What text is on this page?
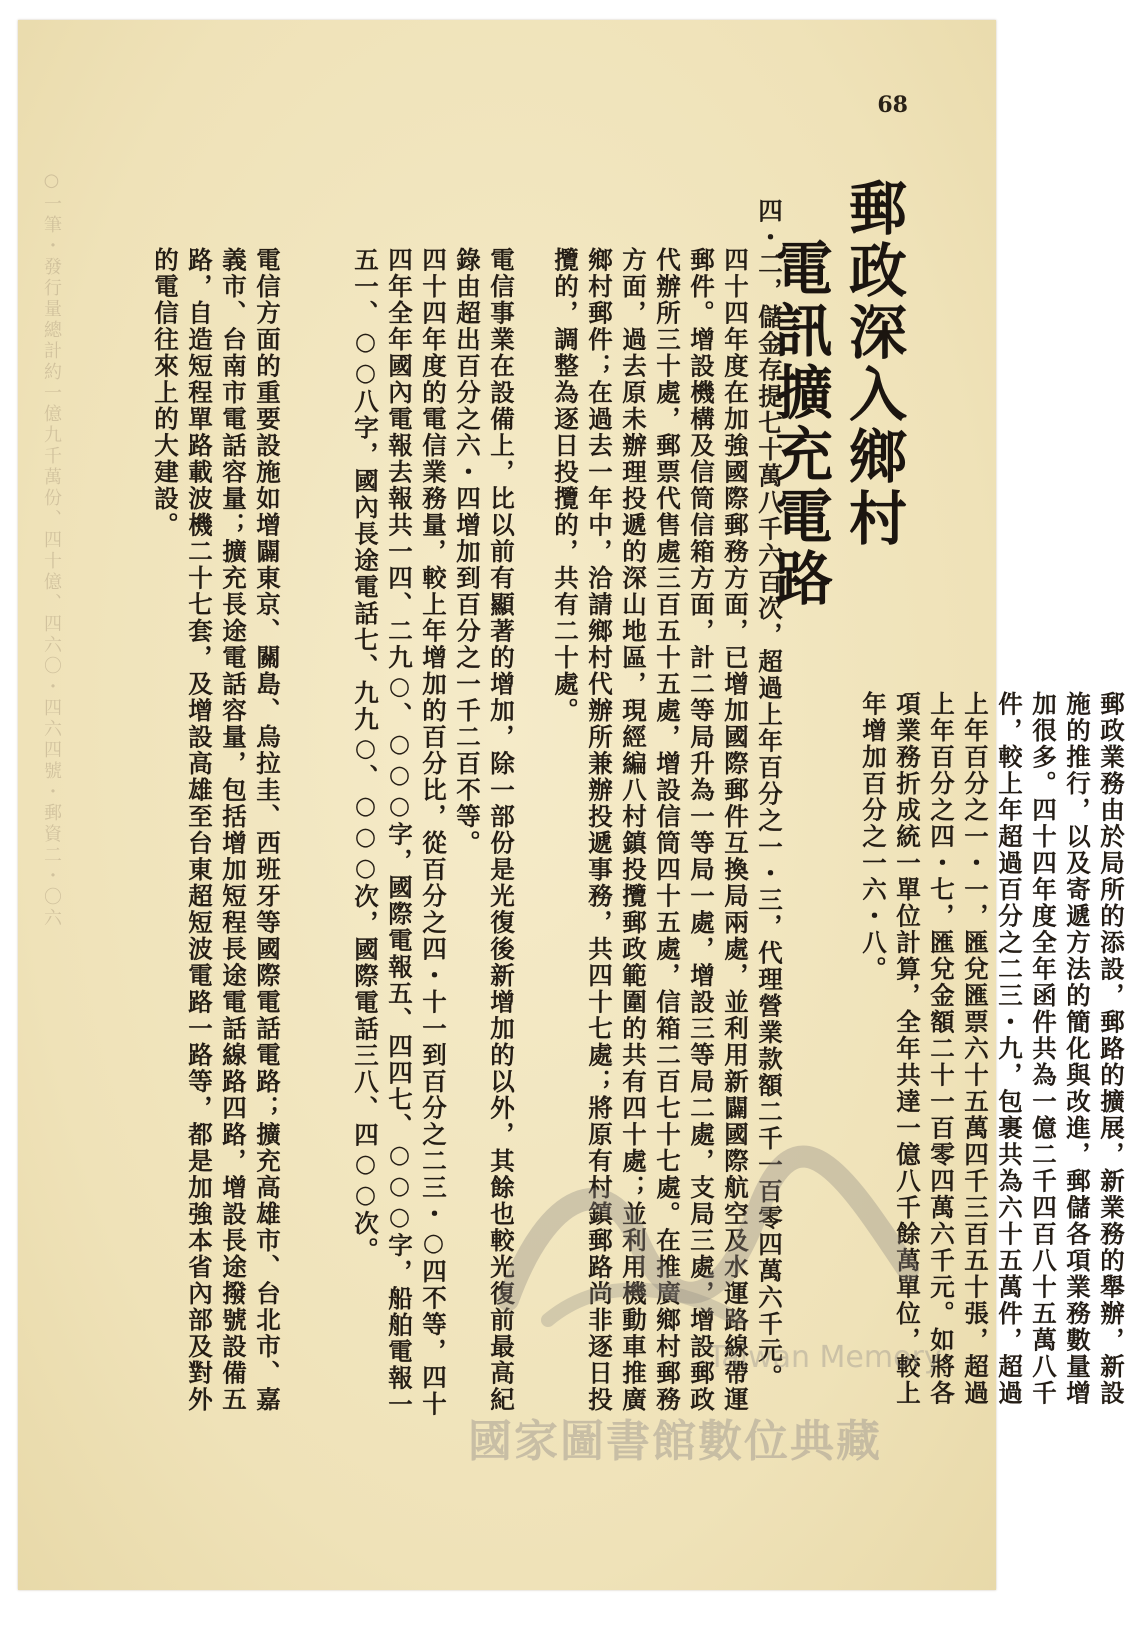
68
郵政深入鄉村
電訊擴充電路
郵政業務由於局所的添設，郵路的擴展，新業務的舉辦，新設施的推行，以及寄遞方法的簡化與改進，郵儲各項業務數量增加很多。四十四年度全年函件共為一億二千四百八十五萬八千件，較上年超過百分之二三・九，包裹共為六十五萬件，超過上年百分之一・一，匯兌匯票六十五萬四千三百五十張，超過上年百分之四・七，匯兌金額二十一百零四萬六千元。如將各項業務折成統一單位計算，全年共達一億八千餘萬單位，較上年增加百分之一六・八。
四・二，儲金存提七十萬八千六百次，超過上年百分之一・三，代理營業款額二千一百零四萬六千元。
四十四年度在加強國際郵務方面，已增加國際郵件互換局兩處，並利用新闢國際航空及水運路線帶運郵件。增設機構及信筒信箱方面，計二等局升為一等局一處，增設三等局二處，支局三處，增設郵政代辦所三十處，郵票代售處三百五十五處，增設信筒四十五處，信箱二百七十七處。在推廣鄉村郵務方面，過去原未辦理投遞的深山地區，現經編八村鎮投攬郵政範圍的共有四十處；並利用機動車推廣鄉村郵件；在過去一年中，洽請鄉村代辦所兼辦投遞事務，共四十七處；將原有村鎮郵路尚非逐日投攬的，調整為逐日投攬的，共有二十處。
電信事業在設備上，比以前有顯著的增加，除一部份是光復後新增加的以外，其餘也較光復前最高紀錄由超出百分之六・四增加到百分之一千二百不等。
四十四年度的電信業務量，較上年增加的百分比，從百分之四・十一到百分之二三・○四不等，四十四年全年國內電報去報共一四、二九○、○○○字，國際電報五、四四七、○○○字，船舶電報一五一、○○八字，國內長途電話七、九九○、○○○次，國際電話三八、四○○次。
電信方面的重要設施如增闢東京、關島、烏拉圭、西班牙等國際電話電路；擴充高雄市、台北市、嘉義市、台南市電話容量；擴充長途電話容量，包括增加短程長途電話線路四路，增設長途撥號設備五路，自造短程單路載波機二十七套，及增設高雄至台東超短波電路一路等，都是加強本省內部及對外的電信往來上的大建設。
○一筆・發行量總計約一億九千萬份、四十億、四六〇・四六四號・郵資二・〇六
Taiwan Memory
國家圖書館數位典藏
